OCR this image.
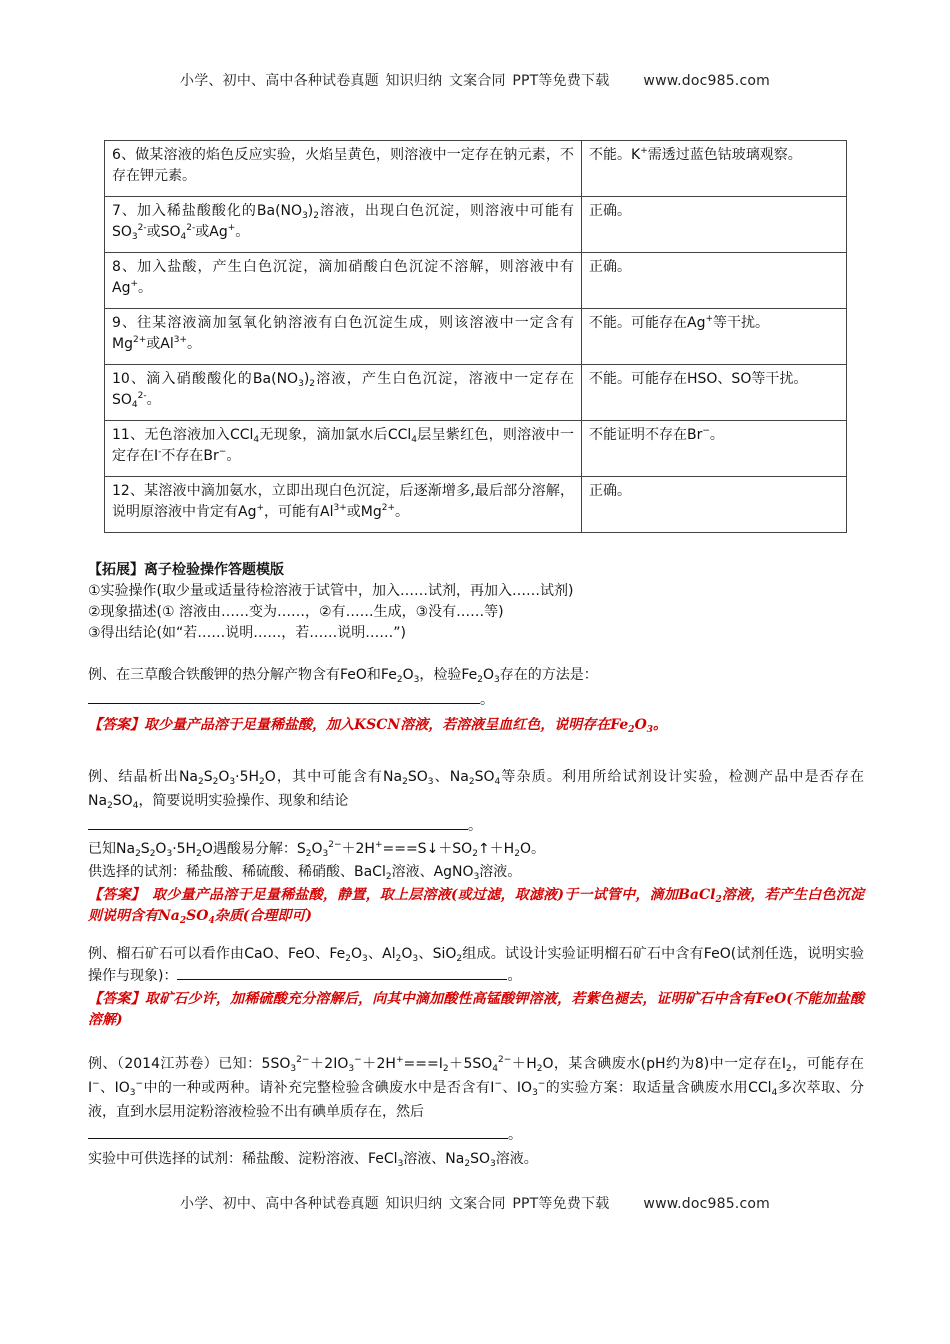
小学、初中、高中各种试卷真题 知识归纳 文案合同 PPT等免费下载 www.doc985.com
6、做某溶液的焰色反应实验，火焰呈黄色，则溶液中一定存在钠元素，不存在钾元素。	不能。K+需透过蓝色钴玻璃观察。
7、加入稀盐酸酸化的$Ba(NO_3)_2$溶液，出现白色沉淀，则溶液中可能有$SO_3^{2-}$或$SO_4^{2-}$或Ag+。	正确。
8、加入盐酸，产生白色沉淀，滴加硝酸白色沉淀不溶解，则溶液中有Ag+。	正确。
9、往某溶液滴加氢氧化钠溶液有白色沉淀生成，则该溶液中一定含有$Mg^{2+}$或$Al^{3+}$。	不能。可能存在Ag+等干扰。
10、滴入硝酸酸化的$Ba(NO_3)_2$溶液，产生白色沉淀，溶液中一定存在$SO_4^{2-}$。	不能。可能存在HSO、SO等干扰。
11、无色溶液加入CCl$_4$无现象，滴加氯水后CCl$_4$层呈紫红色，则溶液中一定存在I-不存在Br−。	不能证明不存在Br−。
12、某溶液中滴加氨水，立即出现白色沉淀，后逐渐增多,最后部分溶解，说明原溶液中肯定有Ag+，可能有$Al^{3+}$或$Mg^{2+}$。	正确。

【拓展】离子检验操作答题模版

①实验操作(取少量或适量待检溶液于试管中，加入……试剂，再加入……试剂)

②现象描述(① 溶液由……变为……，②有……生成，③没有……等)

③得出结论(如“若……说明……，若……说明……”)

例、在三草酸合铁酸钾的热分解产物含有FeO和$Fe_2O_3$，检验$Fe_2O_3$存在的方法是：

。

【答案】取少量产品溶于足量稀盐酸，加入KSCN溶液，若溶液呈血红色，说明存在$Fe_2O_3$。

例、结晶析出$Na_2S_2O_3\cdot 5H_2O$，其中可能含有$Na_2SO_3$、$Na_2SO_4$等杂质。利用所给试剂设计实验，检测产品中是否存在$Na_2SO_4$，简要说明实验操作、现象和结论

。

已知$Na_2S_2O_3\cdot 5H_2O$遇酸易分解：$S_2O_3^{2-}+2H^+===S↓+SO_2↑+H_2O$。

供选择的试剂：稀盐酸、稀硫酸、稀硝酸、BaCl$_2$溶液、AgNO$_3$溶液。

【答案】　取少量产品溶于足量稀盐酸，静置，取上层溶液(或过滤，取滤液)于一试管中，滴加BaCl$_2$溶液，若产生白色沉淀则说明含有$Na_2SO_4$杂质(合理即可)

例、榴石矿石可以看作由CaO、FeO、$Fe_2O_3$、$Al_2O_3$、SiO$_2$组成。试设计实验证明榴石矿石中含有FeO(试剂任选，说明实验操作与现象)：	。

【答案】取矿石少许，加稀硫酸充分溶解后，向其中滴加酸性高锰酸钾溶液，若紫色褪去，证明矿石中含有FeO(不能加盐酸溶解)

例、（2014江苏卷）已知：$5SO_3^{2-}+2IO_3^-+2H^+===I_2+5SO_4^{2-}+H_2O$，某含碘废水(pH约为8)中一定存在$I_2$，可能存在I−、$IO_3^-$中的一种或两种。请补充完整检验含碘废水中是否含有I−、$IO_3^-$的实验方案：取适量含碘废水用CCl$_4$多次萃取、分液，直到水层用淀粉溶液检验不出有碘单质存在，然后

。

实验中可供选择的试剂：稀盐酸、淀粉溶液、FeCl$_3$溶液、$Na_2SO_3$溶液。

小学、初中、高中各种试卷真题 知识归纳 文案合同 PPT等免费下载 www.doc985.com
